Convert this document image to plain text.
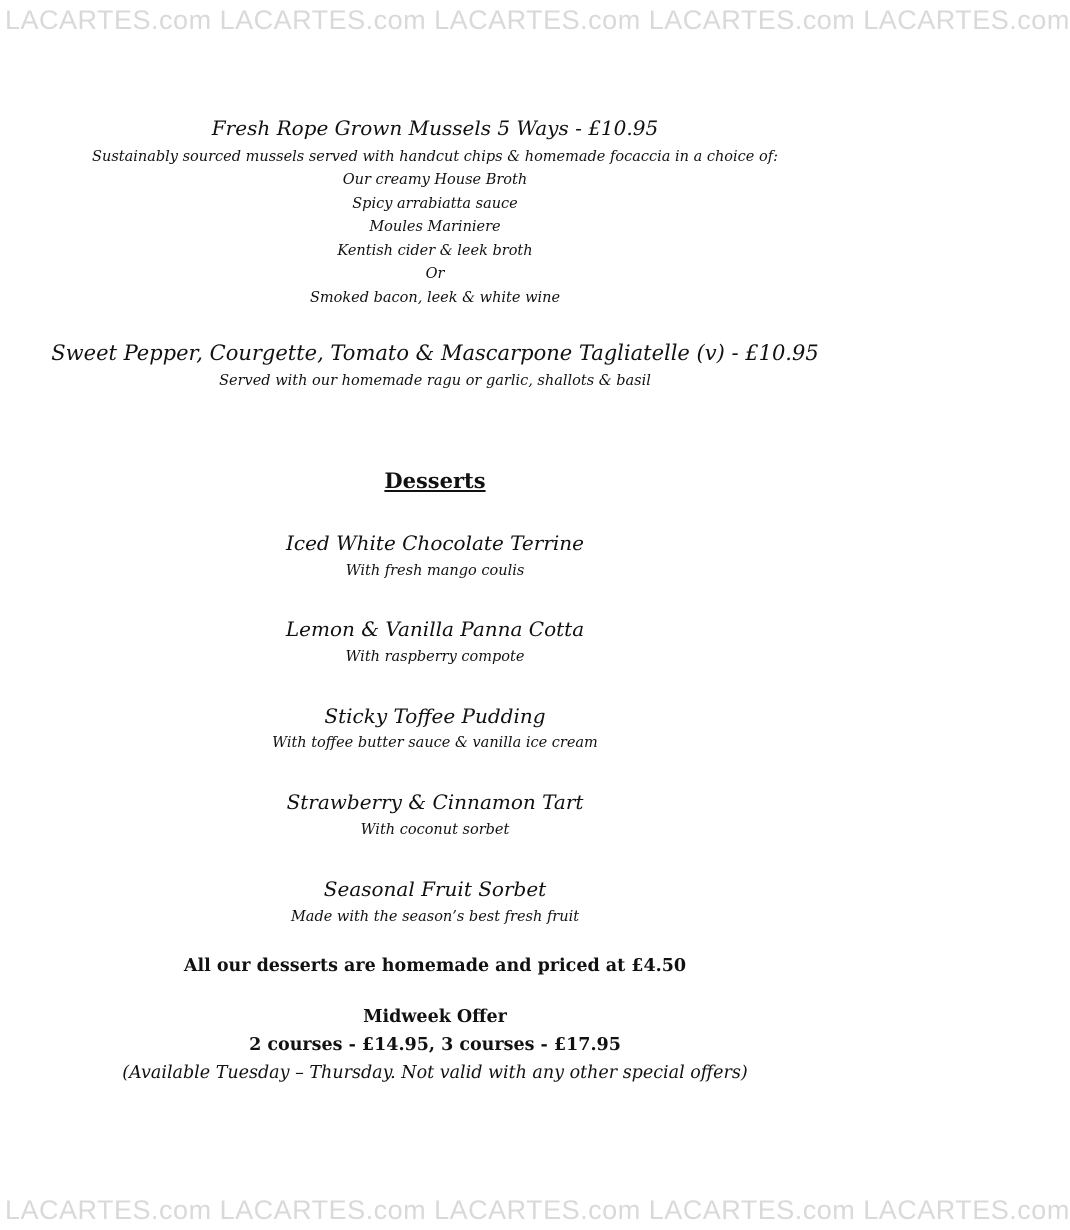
LACARTES.com LACARTES.com LACARTES.com LACARTES.com LACARTES.com
Fresh Rope Grown Mussels 5 Ways - £10.95
Sustainably sourced mussels served with handcut chips & homemade focaccia in a choice of:
Our creamy House Broth
Spicy arrabiatta sauce
Moules Mariniere
Kentish cider & leek broth
Or
Smoked bacon, leek & white wine
Sweet Pepper, Courgette, Tomato & Mascarpone Tagliatelle (v) - £10.95
Served with our homemade ragu or garlic, shallots & basil
Desserts
Iced White Chocolate Terrine
With fresh mango coulis
Lemon & Vanilla Panna Cotta
With raspberry compote
Sticky Toffee Pudding
With toffee butter sauce & vanilla ice cream
Strawberry & Cinnamon Tart
With coconut sorbet
Seasonal Fruit Sorbet
Made with the season’s best fresh fruit
All our desserts are homemade and priced at £4.50
Midweek Offer
2 courses - £14.95, 3 courses - £17.95
(Available Tuesday – Thursday. Not valid with any other special offers)
LACARTES.com LACARTES.com LACARTES.com LACARTES.com LACARTES.com
